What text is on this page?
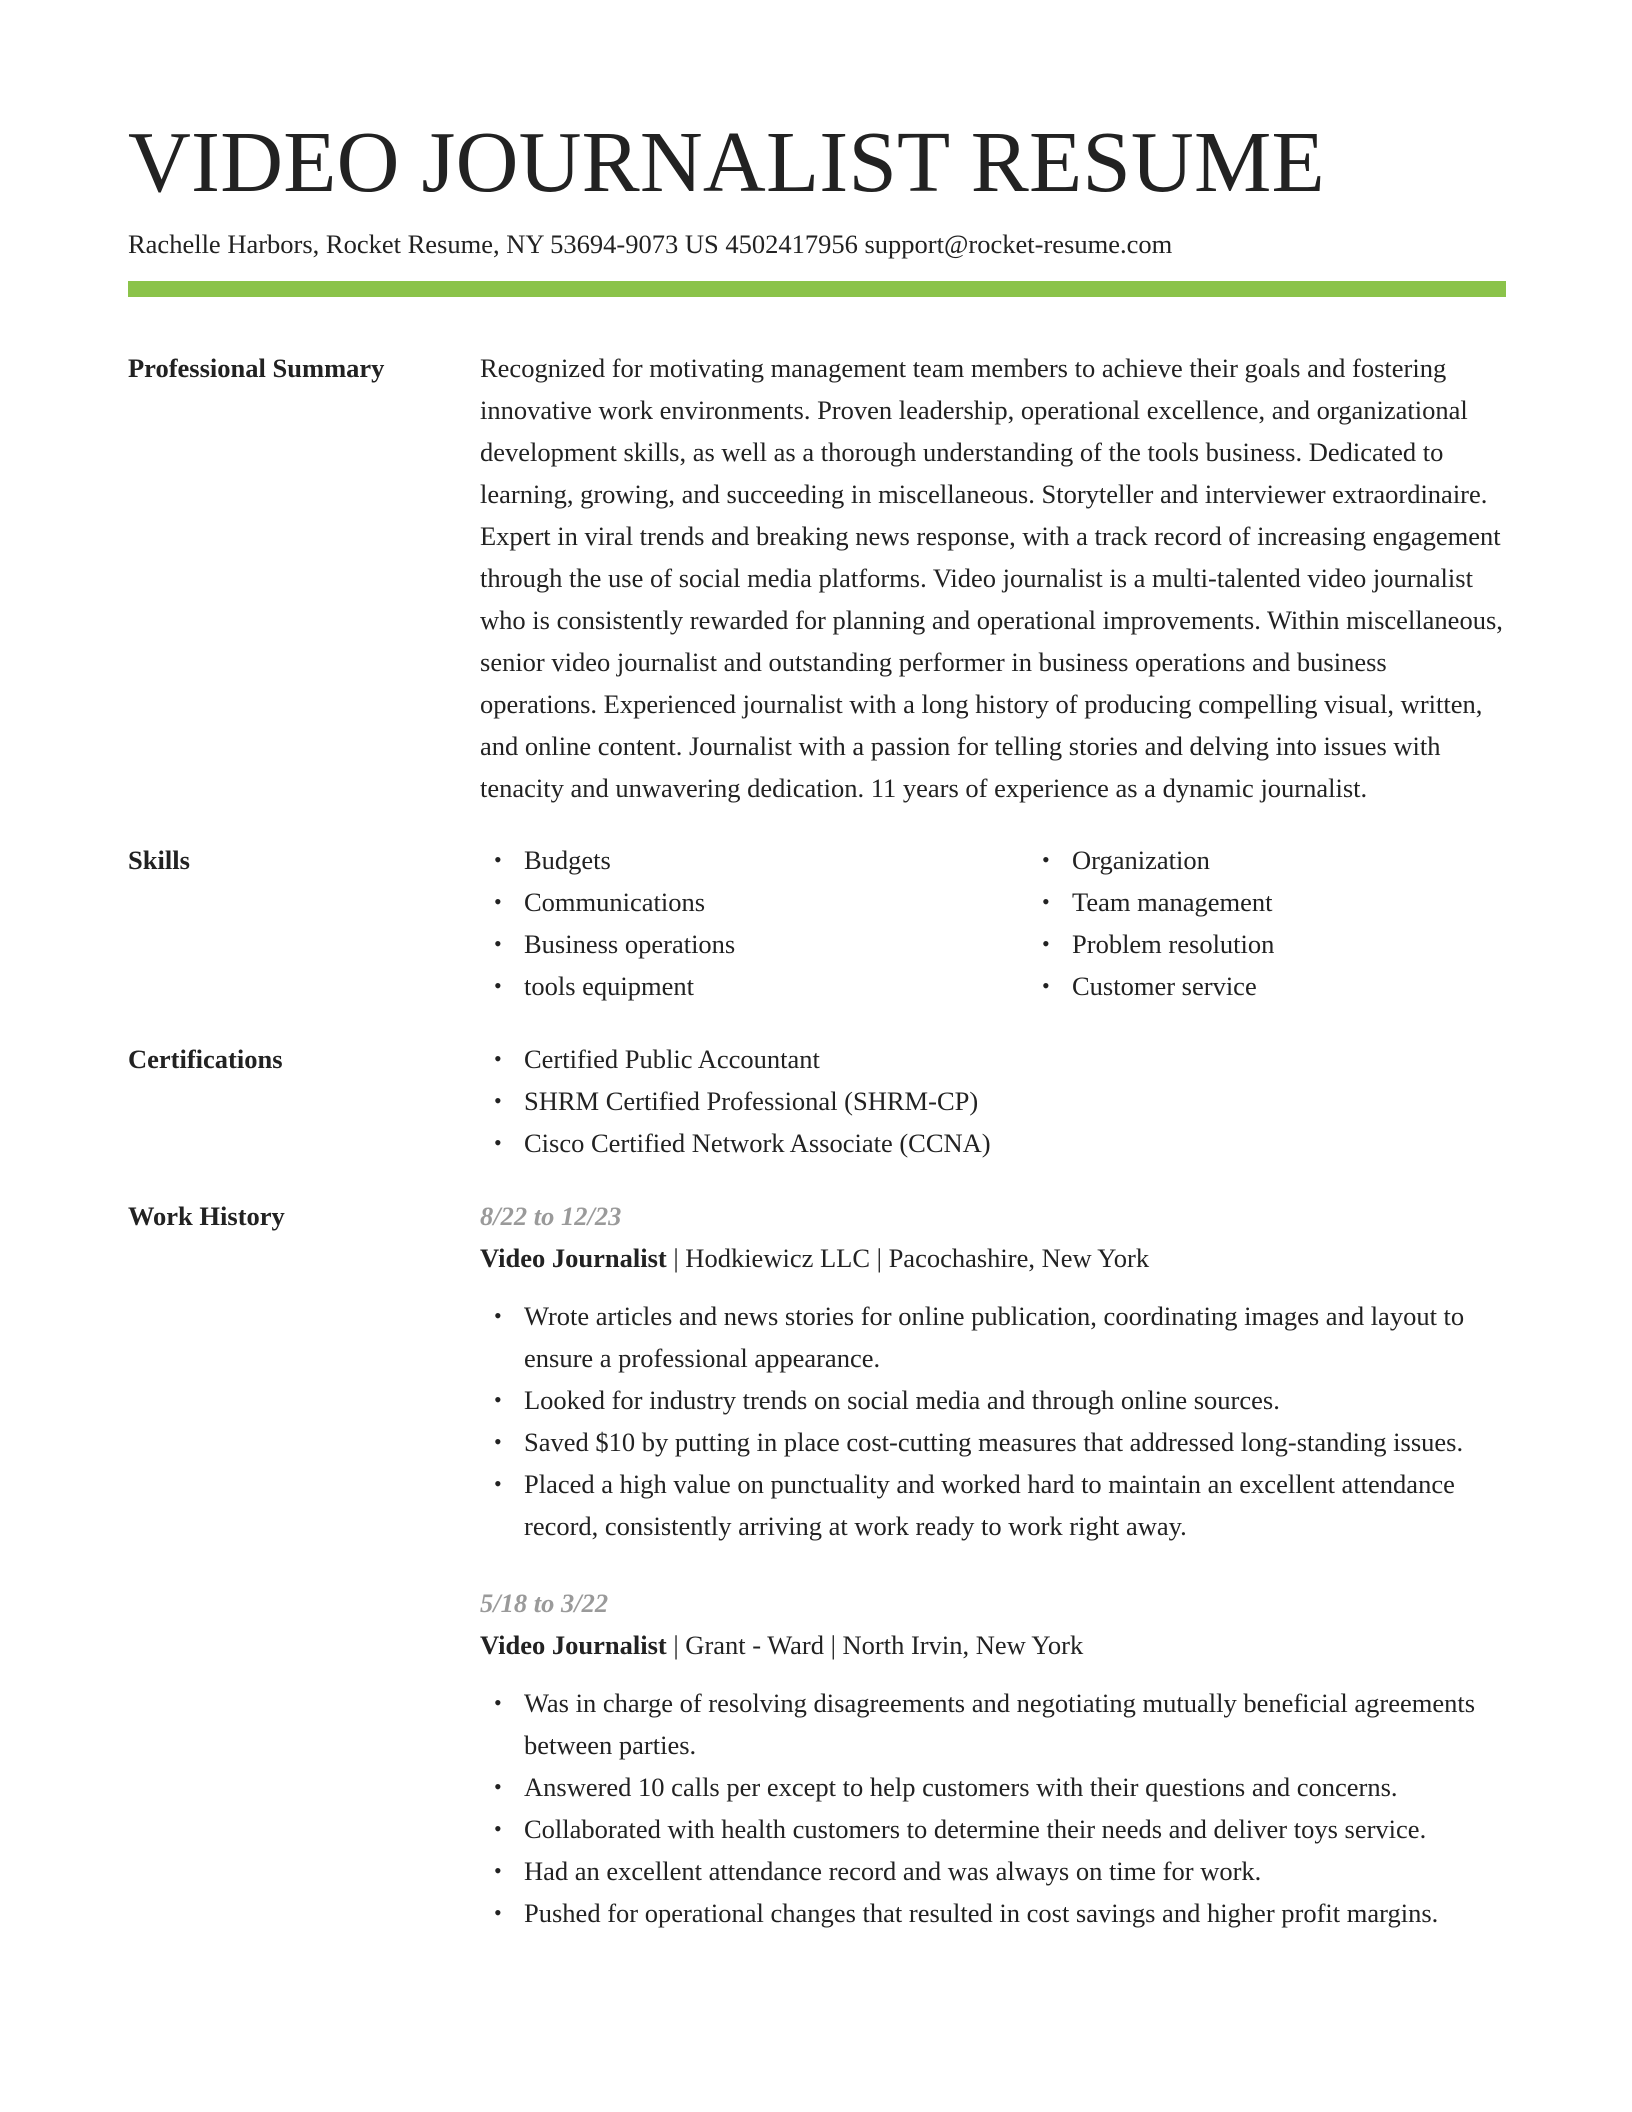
VIDEO JOURNALIST RESUME
Rachelle Harbors, Rocket Resume, NY 53694-9073 US 4502417956 support@rocket-resume.com
Professional Summary	Recognized for motivating management team members to achieve their goals and fostering innovative work environments. Proven leadership, operational excellence, and organizational development skills, as well as a thorough understanding of the tools business. Dedicated to learning, growing, and succeeding in miscellaneous. Storyteller and interviewer extraordinaire. Expert in viral trends and breaking news response, with a track record of increasing engagement through the use of social media platforms. Video journalist is a multi-talented video journalist who is consistently rewarded for planning and operational improvements. Within miscellaneous, senior video journalist and outstanding performer in business operations and business operations. Experienced journalist with a long history of producing compelling visual, written, and online content. Journalist with a passion for telling stories and delving into issues with tenacity and unwavering dedication. 11 years of experience as a dynamic journalist.

Skills	• Budgets
• Communications
• Business operations
• tools equipment
• Organization
• Team management
• Problem resolution
• Customer service
Certifications	• Certified Public Accountant
• SHRM Certified Professional (SHRM-CP)
• Cisco Certified Network Associate (CCNA)
Work History	8/22 to 12/23
Video Journalist | Hodkiewicz LLC | Pacochashire, New York
• Wrote articles and news stories for online publication, coordinating images and layout to ensure a professional appearance.
• Looked for industry trends on social media and through online sources.
• Saved $10 by putting in place cost-cutting measures that addressed long-standing issues.
• Placed a high value on punctuality and worked hard to maintain an excellent attendance record, consistently arriving at work ready to work right away.
5/18 to 3/22
Video Journalist | Grant - Ward | North Irvin, New York
• Was in charge of resolving disagreements and negotiating mutually beneficial agreements between parties.
• Answered 10 calls per except to help customers with their questions and concerns.
• Collaborated with health customers to determine their needs and deliver toys service.
• Had an excellent attendance record and was always on time for work.
• Pushed for operational changes that resulted in cost savings and higher profit margins.
